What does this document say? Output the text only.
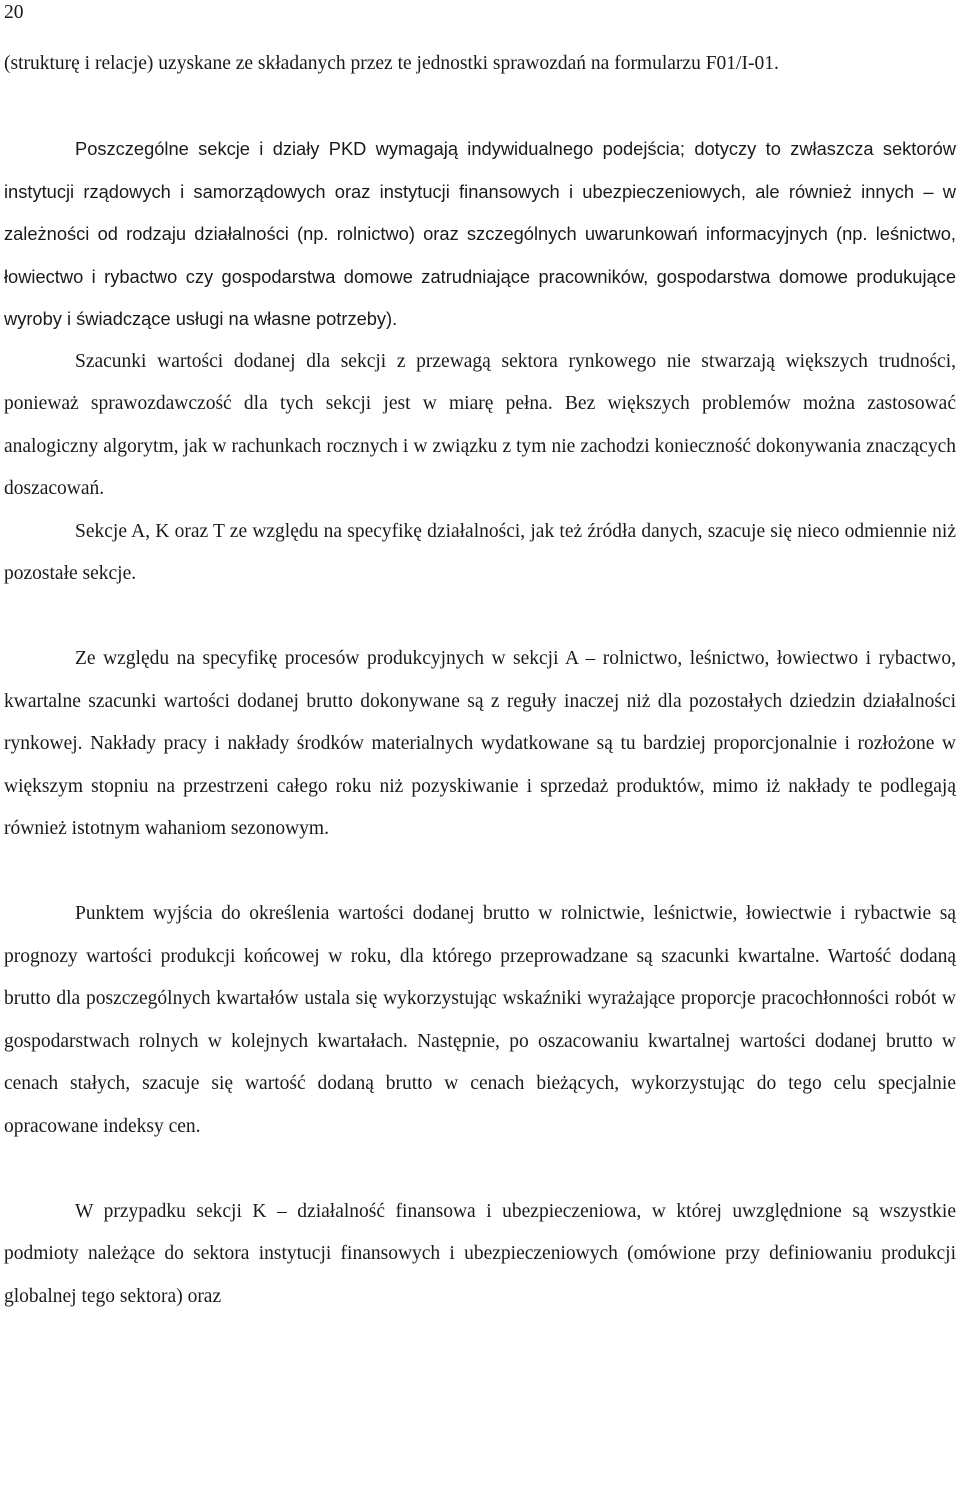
20

(strukturę i relacje) uzyskane ze składanych przez te jednostki sprawozdań na formularzu F01/I-01.

Poszczególne sekcje i działy PKD wymagają indywidualnego podejścia; dotyczy to zwłaszcza sektorów instytucji rządowych i samorządowych oraz instytucji finansowych i ubezpieczeniowych, ale również innych – w zależności od rodzaju działalności (np. rolnictwo) oraz szczególnych uwarunkowań informacyjnych (np. leśnictwo, łowiectwo i rybactwo czy gospodarstwa domowe zatrudniające pracowników, gospodarstwa domowe produkujące wyroby i świadczące usługi na własne potrzeby).

Szacunki wartości dodanej dla sekcji z przewagą sektora rynkowego nie stwarzają większych trudności, ponieważ sprawozdawczość dla tych sekcji jest w miarę pełna. Bez większych problemów można zastosować analogiczny algorytm, jak w rachunkach rocznych i w związku z tym nie zachodzi konieczność dokonywania znaczących doszacowań.

Sekcje A, K oraz T ze względu na specyfikę działalności, jak też źródła danych, szacuje się nieco odmiennie niż pozostałe sekcje.

Ze względu na specyfikę procesów produkcyjnych w sekcji A – rolnictwo, leśnictwo, łowiectwo i rybactwo, kwartalne szacunki wartości dodanej brutto dokonywane są z reguły inaczej niż dla pozostałych dziedzin działalności rynkowej. Nakłady pracy i nakłady środków materialnych wydatkowane są tu bardziej proporcjonalnie i rozłożone w większym stopniu na przestrzeni całego roku niż pozyskiwanie i sprzedaż produktów, mimo iż nakłady te podlegają również istotnym wahaniom sezonowym.

Punktem wyjścia do określenia wartości dodanej brutto w rolnictwie, leśnictwie, łowiectwie i rybactwie są prognozy wartości produkcji końcowej w roku, dla którego przeprowadzane są szacunki kwartalne. Wartość dodaną brutto dla poszczególnych kwartałów ustala się wykorzystując wskaźniki wyrażające proporcje pracochłonności robót w gospodarstwach rolnych w kolejnych kwartałach. Następnie, po oszacowaniu kwartalnej wartości dodanej brutto w cenach stałych, szacuje się wartość dodaną brutto w cenach bieżących, wykorzystując do tego celu specjalnie opracowane indeksy cen.

W przypadku sekcji K – działalność finansowa i ubezpieczeniowa, w której uwzględnione są wszystkie podmioty należące do sektora instytucji finansowych i ubezpieczeniowych (omówione przy definiowaniu produkcji globalnej tego sektora) oraz
